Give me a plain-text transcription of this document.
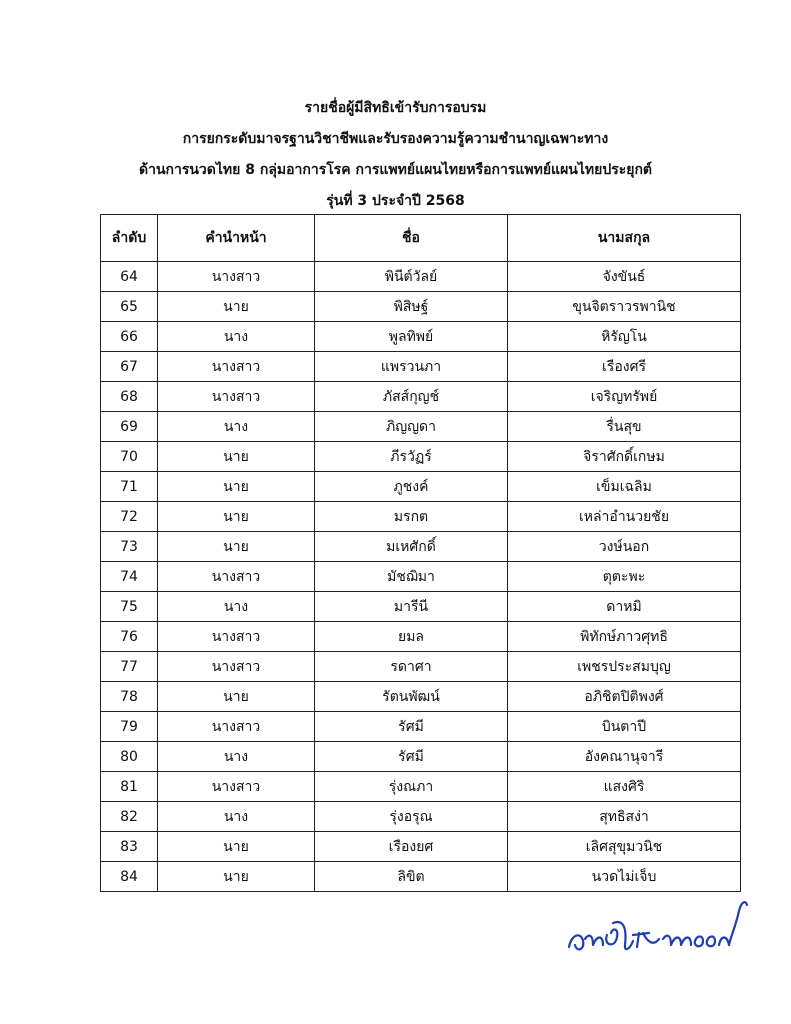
รายชื่อผู้มีสิทธิเข้ารับการอบรม
การยกระดับมาจรฐานวิชาชีพและรับรองความรู้ความชำนาญเฉพาะทาง
ด้านการนวดไทย 8 กลุ่มอาการโรค การแพทย์แผนไทยหรือการแพทย์แผนไทยประยุกต์
รุ่นที่ 3 ประจำปี 2568
ลำดับ	คำนำหน้า	ชื่อ	นามสกุล
64	นางสาว	พินีต์วัลย์	จังขันธ์
65	นาย	พิสิษฐ์	ขุนจิตราวรพานิช
66	นาง	พูลทิพย์	หิรัญโน
67	นางสาว	แพรวนภา	เรืองศรี
68	นางสาว	ภัสส์กุญช์	เจริญทรัพย์
69	นาง	ภิญญดา	รื่นสุข
70	นาย	ภีรวัฏร์	จิราศักดิ์เกษม
71	นาย	ภูชงค์	เข็มเฉลิม
72	นาย	มรกต	เหล่าอำนวยชัย
73	นาย	มเหศักดิ์	วงษ์นอก
74	นางสาว	มัชฌิมา	ตุตะพะ
75	นาง	มารีนี	ดาหมิ
76	นางสาว	ยมล	พิทักษ์ภาวศุทธิ
77	นางสาว	รดาศา	เพชรประสมบุญ
78	นาย	รัตนพัฒน์	อภิชิตปิติพงศ์
79	นางสาว	รัศมี	บินตาปี
80	นาง	รัศมี	อังคณานุจารี
81	นางสาว	รุ่งณภา	แสงศิริ
82	นาง	รุ่งอรุณ	สุทธิสง่า
83	นาย	เรืองยศ	เลิศสุขุมวนิช
84	นาย	ลิขิต	นวดไม่เจ็บ
